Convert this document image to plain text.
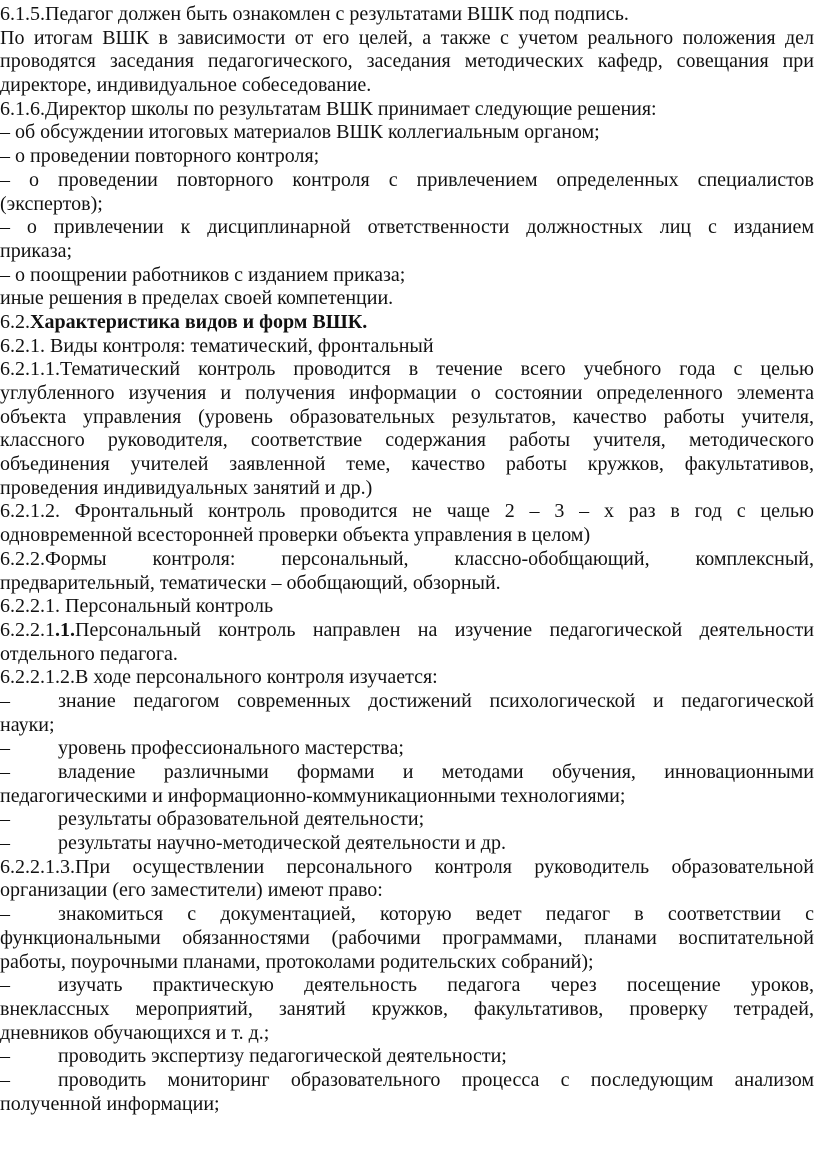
6.1.5.Педагог должен быть ознакомлен с результатами ВШК под подпись.
По итогам ВШК в зависимости от его целей, а также с учетом реального положения дел
проводятся заседания педагогического, заседания методических кафедр, совещания при
директоре, индивидуальное собеседование.
6.1.6.Директор школы по результатам ВШК принимает следующие решения:
– об обсуждении итоговых материалов ВШК коллегиальным органом;
– о проведении повторного контроля;
– о проведении повторного контроля с привлечением определенных специалистов
(экспертов);
– о привлечении к дисциплинарной ответственности должностных лиц с изданием
приказа;
– о поощрении работников с изданием приказа;
иные решения в пределах своей компетенции.
6.2.Характеристика видов и форм ВШК.
6.2.1. Виды контроля: тематический, фронтальный
6.2.1.1.Тематический контроль проводится в течение всего учебного года с целью
углубленного изучения и получения информации о состоянии определенного элемента
объекта управления (уровень образовательных результатов, качество работы учителя,
классного руководителя, соответствие содержания работы учителя, методического
объединения учителей заявленной теме, качество работы кружков, факультативов,
проведения индивидуальных занятий и др.)
6.2.1.2. Фронтальный контроль проводится не чаще 2 – 3 – х раз в год с целью
одновременной всесторонней проверки объекта управления в целом)
6.2.2.Формы контроля: персональный, классно-обобщающий, комплексный,
предварительный, тематически – обобщающий, обзорный.
6.2.2.1. Персональный контроль
6.2.2.1.1.Персональный контроль направлен на изучение педагогической деятельности
отдельного педагога.
6.2.2.1.2.В ходе персонального контроля изучается:
–	знание педагогом современных достижений психологической и педагогической
науки;
–	уровень профессионального мастерства;
–	владение различными формами и методами обучения, инновационными
педагогическими и информационно-коммуникационными технологиями;
–	результаты образовательной деятельности;
–	результаты научно-методической деятельности и др.
6.2.2.1.3.При осуществлении персонального контроля руководитель образовательной
организации (его заместители) имеют право:
–	знакомиться с документацией, которую ведет педагог в соответствии с
функциональными обязанностями (рабочими программами, планами воспитательной
работы, поурочными планами, протоколами родительских собраний);
–	изучать практическую деятельность педагога через посещение уроков,
внеклассных мероприятий, занятий кружков, факультативов, проверку тетрадей,
дневников обучающихся и т. д.;
–	проводить экспертизу педагогической деятельности;
–	проводить мониторинг образовательного процесса с последующим анализом
полученной информации;
